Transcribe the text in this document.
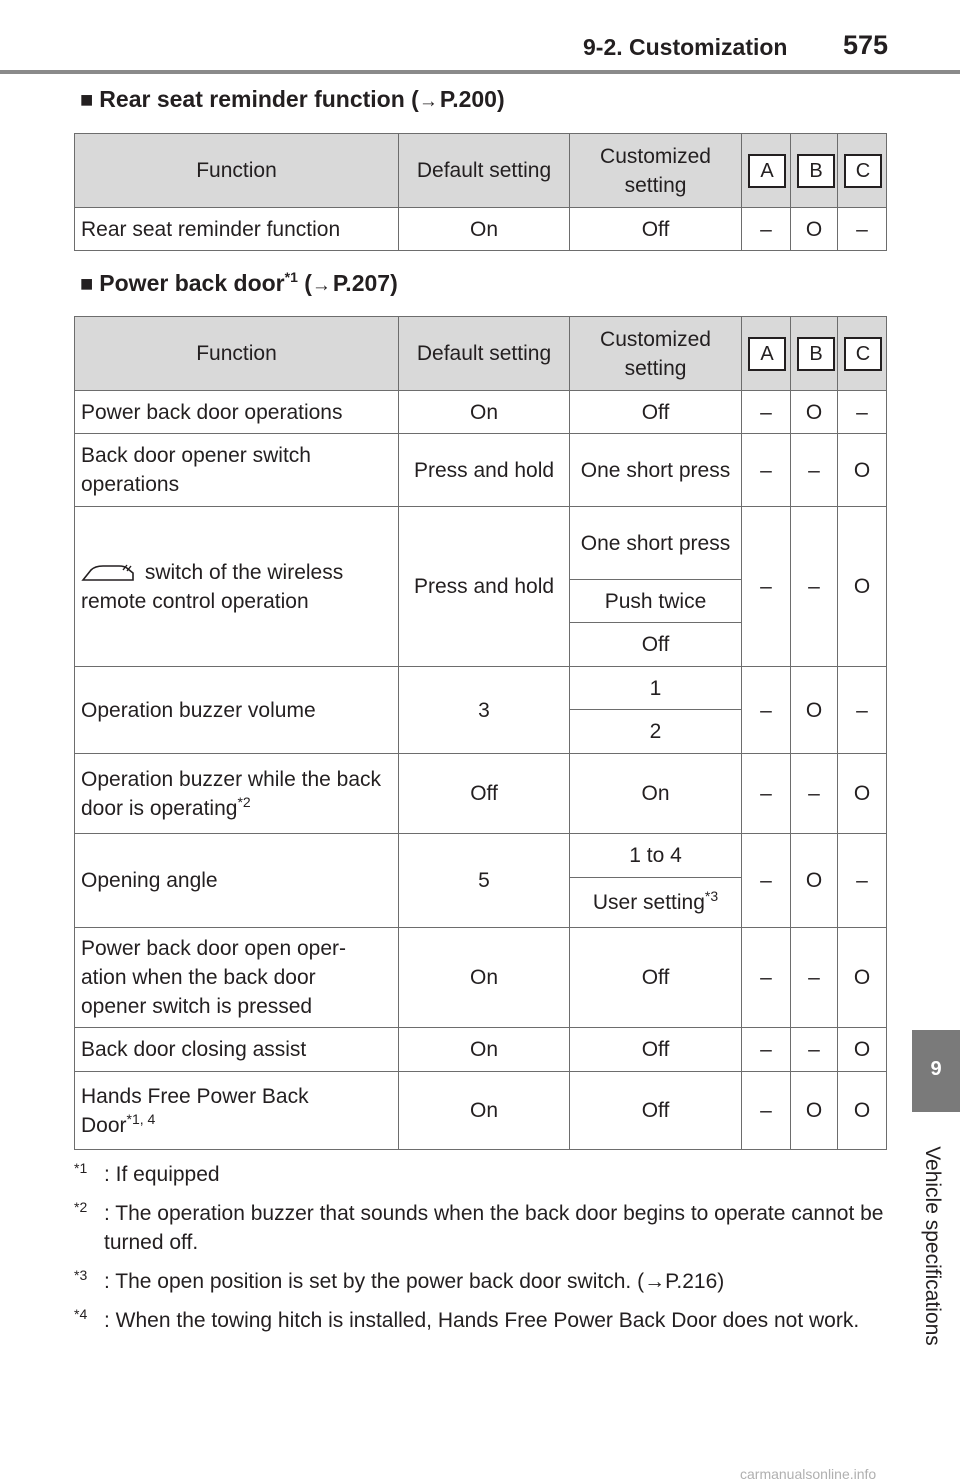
9-2. Customization 575
9
Vehicle specifications
■ Rear seat reminder function (→P.200)
Function	Default setting	Customized setting	A	B	C
Rear seat reminder function	On	Off	–	O	–
■ Power back door$^{*1}$ (→P.207)
Function	Default setting	Customized setting	A	B	C
Power back door operations	On	Off	–	O	–
Back door opener switch operations	Press and hold	One short press	–	–	O
switch of the wireless remote control operation	Press and hold	One short press	–	–	O
		Push twice			
		Off			
Operation buzzer volume	3	1	–	O	–
		2			
Operation buzzer while the back door is operating$^{*2}$	Off	On	–	–	O
Opening angle	5	1 to 4	–	O	–
		User setting$^{*3}$

Power back door open oper-
ation when the back door
opener switch is pressed	On	Off	–	–	O
Back door closing assist	On	Off	–	–	O

Hands Free Power Back
Door$^{*1, 4}$	On	Off	–	O	O
$^{*1}$ : If equipped
$^{*2}$ : The operation buzzer that sounds when the back door begins to operate cannot be turned off.
$^{*3}$ : The open position is set by the power back door switch. (→P.216)
$^{*4}$ : When the towing hitch is installed, Hands Free Power Back Door does not work.
carmanualsonline.info
